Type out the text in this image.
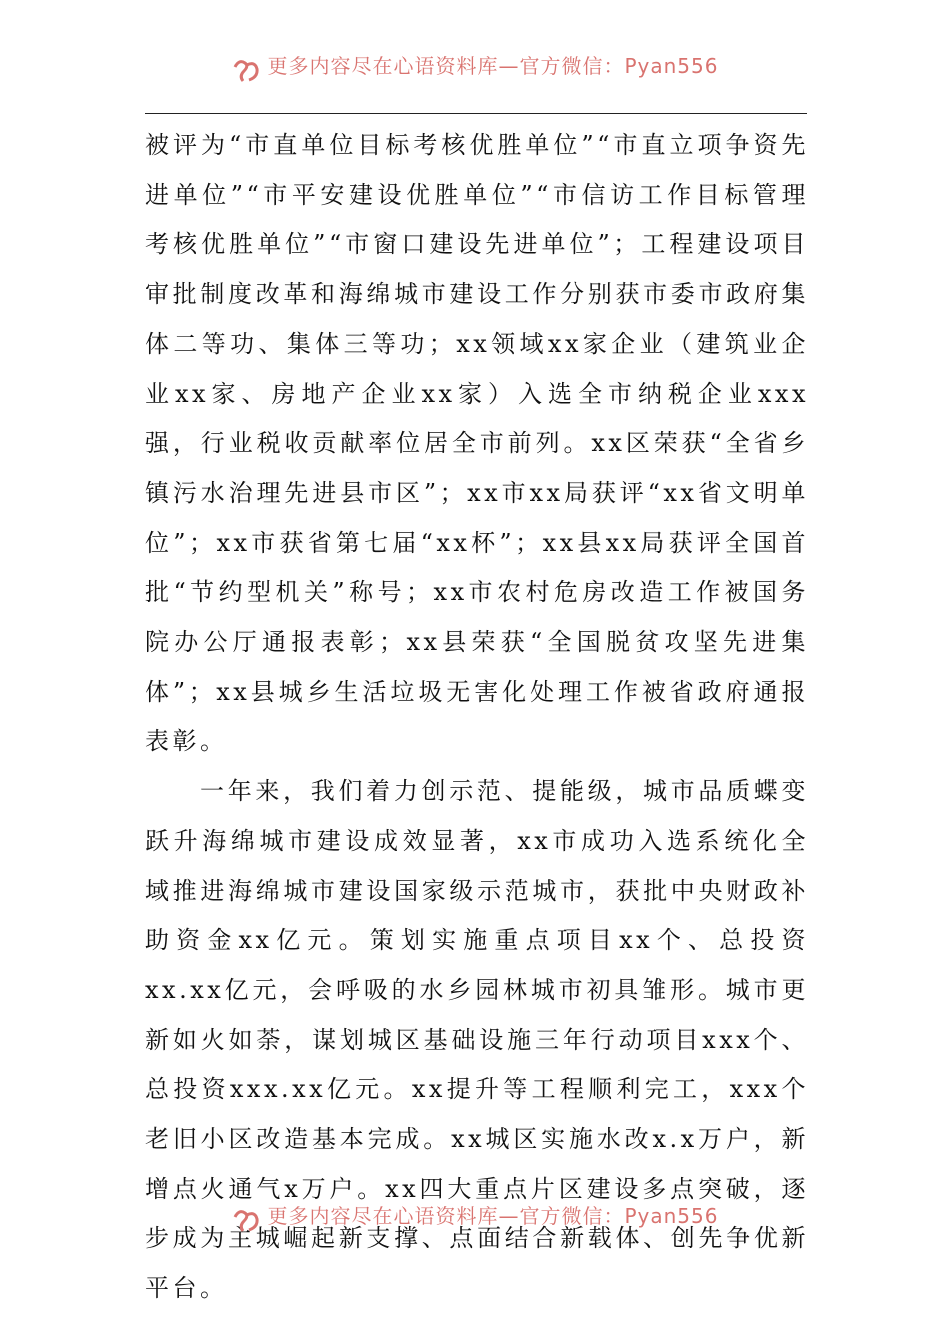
更多内容尽在心语资料库—官方微信：Pyan556

被评为“市直单位目标考核优胜单位”“市直立项争资先进单位”“市平安建设优胜单位”“市信访工作目标管理考核优胜单位”“市窗口建设先进单位”；工程建设项目审批制度改革和海绵城市建设工作分别获市委市政府集体二等功、集体三等功；xx领域xx家企业（建筑业企业xx家、房地产企业xx家）入选全市纳税企业xxx强，行业税收贡献率位居全市前列。xx区荣获“全省乡镇污水治理先进县市区”；xx市xx局获评“xx省文明单位”；xx市获省第七届“xx杯”；xx县xx局获评全国首批“节约型机关”称号；xx市农村危房改造工作被国务院办公厅通报表彰；xx县荣获“全国脱贫攻坚先进集体”；xx县城乡生活垃圾无害化处理工作被省政府通报表彰。

一年来，我们着力创示范、提能级，城市品质蝶变跃升海绵城市建设成效显著，xx市成功入选系统化全域推进海绵城市建设国家级示范城市，获批中央财政补助资金xx亿元。策划实施重点项目xx个、总投资xx.xx亿元，会呼吸的水乡园林城市初具雏形。城市更新如火如荼，谋划城区基础设施三年行动项目xxx个、总投资xxx.xx亿元。xx提升等工程顺利完工，xxx个老旧小区改造基本完成。xx城区实施水改x.x万户，新增点火通气x万户。xx四大重点片区建设多点突破，逐步成为主城崛起新支撑、点面结合新载体、创先争优新平台。

更多内容尽在心语资料库—官方微信：Pyan556
